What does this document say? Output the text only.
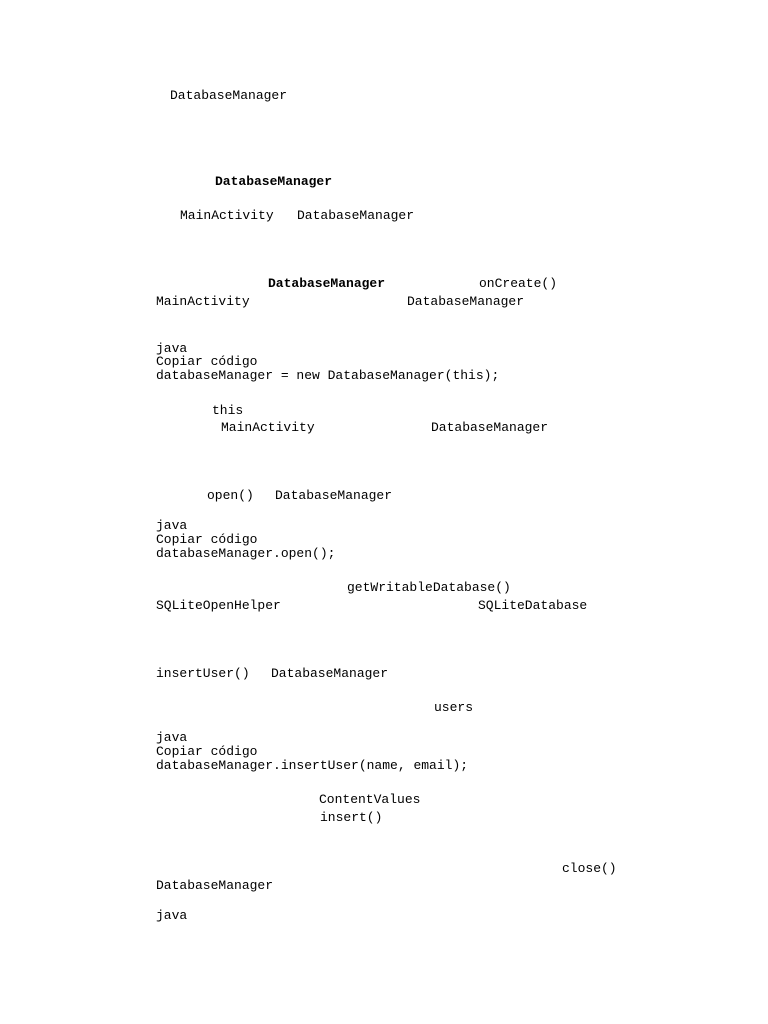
DatabaseManager
DatabaseManager
MainActivity DatabaseManager
DatabaseManager	onCreate()
MainActivity	DatabaseManager
java
Copiar código
databaseManager = new DatabaseManager(this);
this
MainActivity	DatabaseManager
open() DatabaseManager
java
Copiar código
databaseManager.open();
getWritableDatabase()
SQLiteOpenHelper	SQLiteDatabase
insertUser() DatabaseManager
users
java
Copiar código
databaseManager.insertUser(name, email);
ContentValues
insert()
close()
DatabaseManager
java
